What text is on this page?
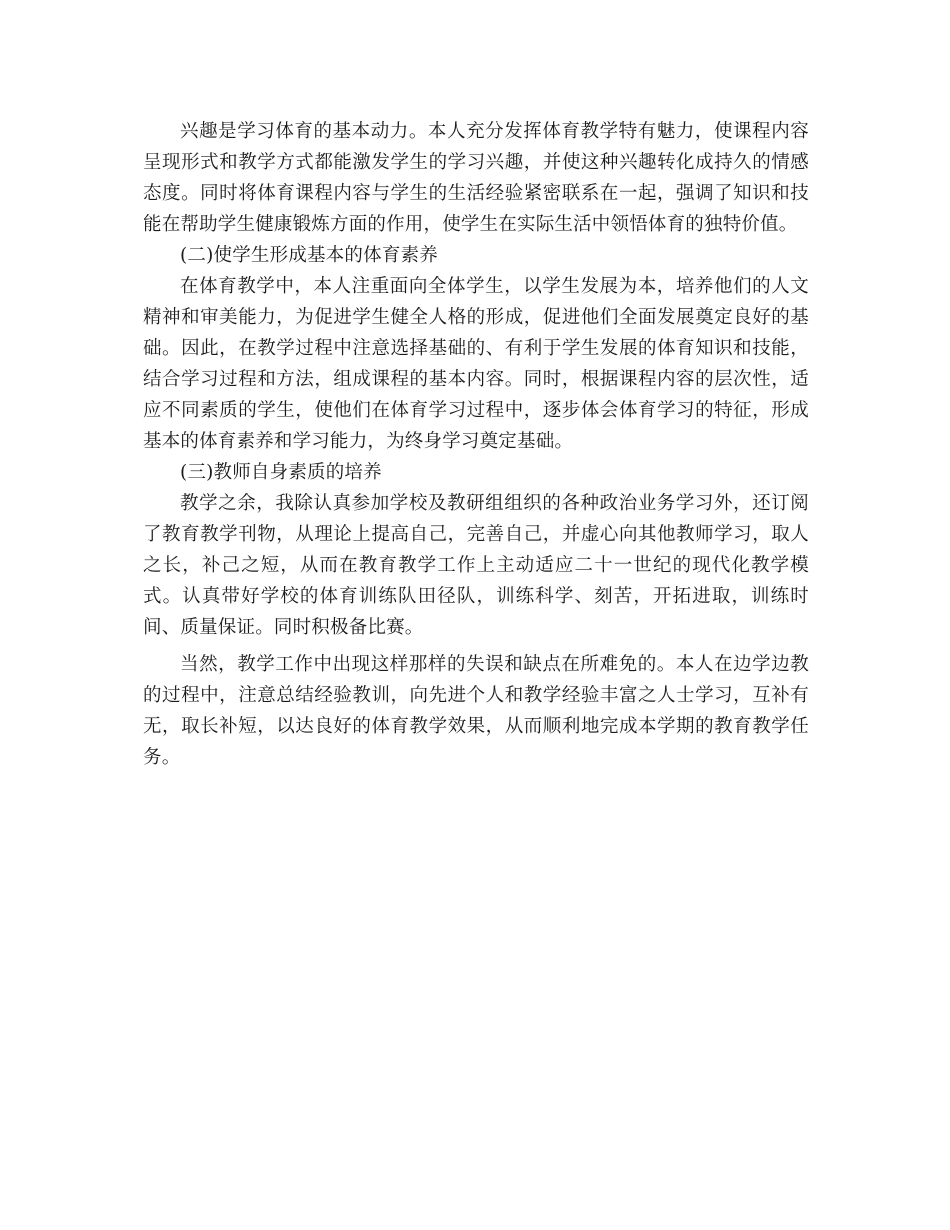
兴趣是学习体育的基本动力。本人充分发挥体育教学特有魅力，使课程内容呈现形式和教学方式都能激发学生的学习兴趣，并使这种兴趣转化成持久的情感态度。同时将体育课程内容与学生的生活经验紧密联系在一起，强调了知识和技能在帮助学生健康锻炼方面的作用，使学生在实际生活中领悟体育的独特价值。

(二)使学生形成基本的体育素养

在体育教学中，本人注重面向全体学生，以学生发展为本，培养他们的人文精神和审美能力，为促进学生健全人格的形成，促进他们全面发展奠定良好的基础。因此，在教学过程中注意选择基础的、有利于学生发展的体育知识和技能，结合学习过程和方法，组成课程的基本内容。同时，根据课程内容的层次性，适应不同素质的学生，使他们在体育学习过程中，逐步体会体育学习的特征，形成基本的体育素养和学习能力，为终身学习奠定基础。

(三)教师自身素质的培养

教学之余，我除认真参加学校及教研组组织的各种政治业务学习外，还订阅了教育教学刊物，从理论上提高自己，完善自己，并虚心向其他教师学习，取人之长，补己之短，从而在教育教学工作上主动适应二十一世纪的现代化教学模式。认真带好学校的体育训练队田径队，训练科学、刻苦，开拓进取，训练时间、质量保证。同时积极备比赛。

当然，教学工作中出现这样那样的失误和缺点在所难免的。本人在边学边教的过程中，注意总结经验教训，向先进个人和教学经验丰富之人士学习，互补有无，取长补短，以达良好的体育教学效果，从而顺利地完成本学期的教育教学任务。
